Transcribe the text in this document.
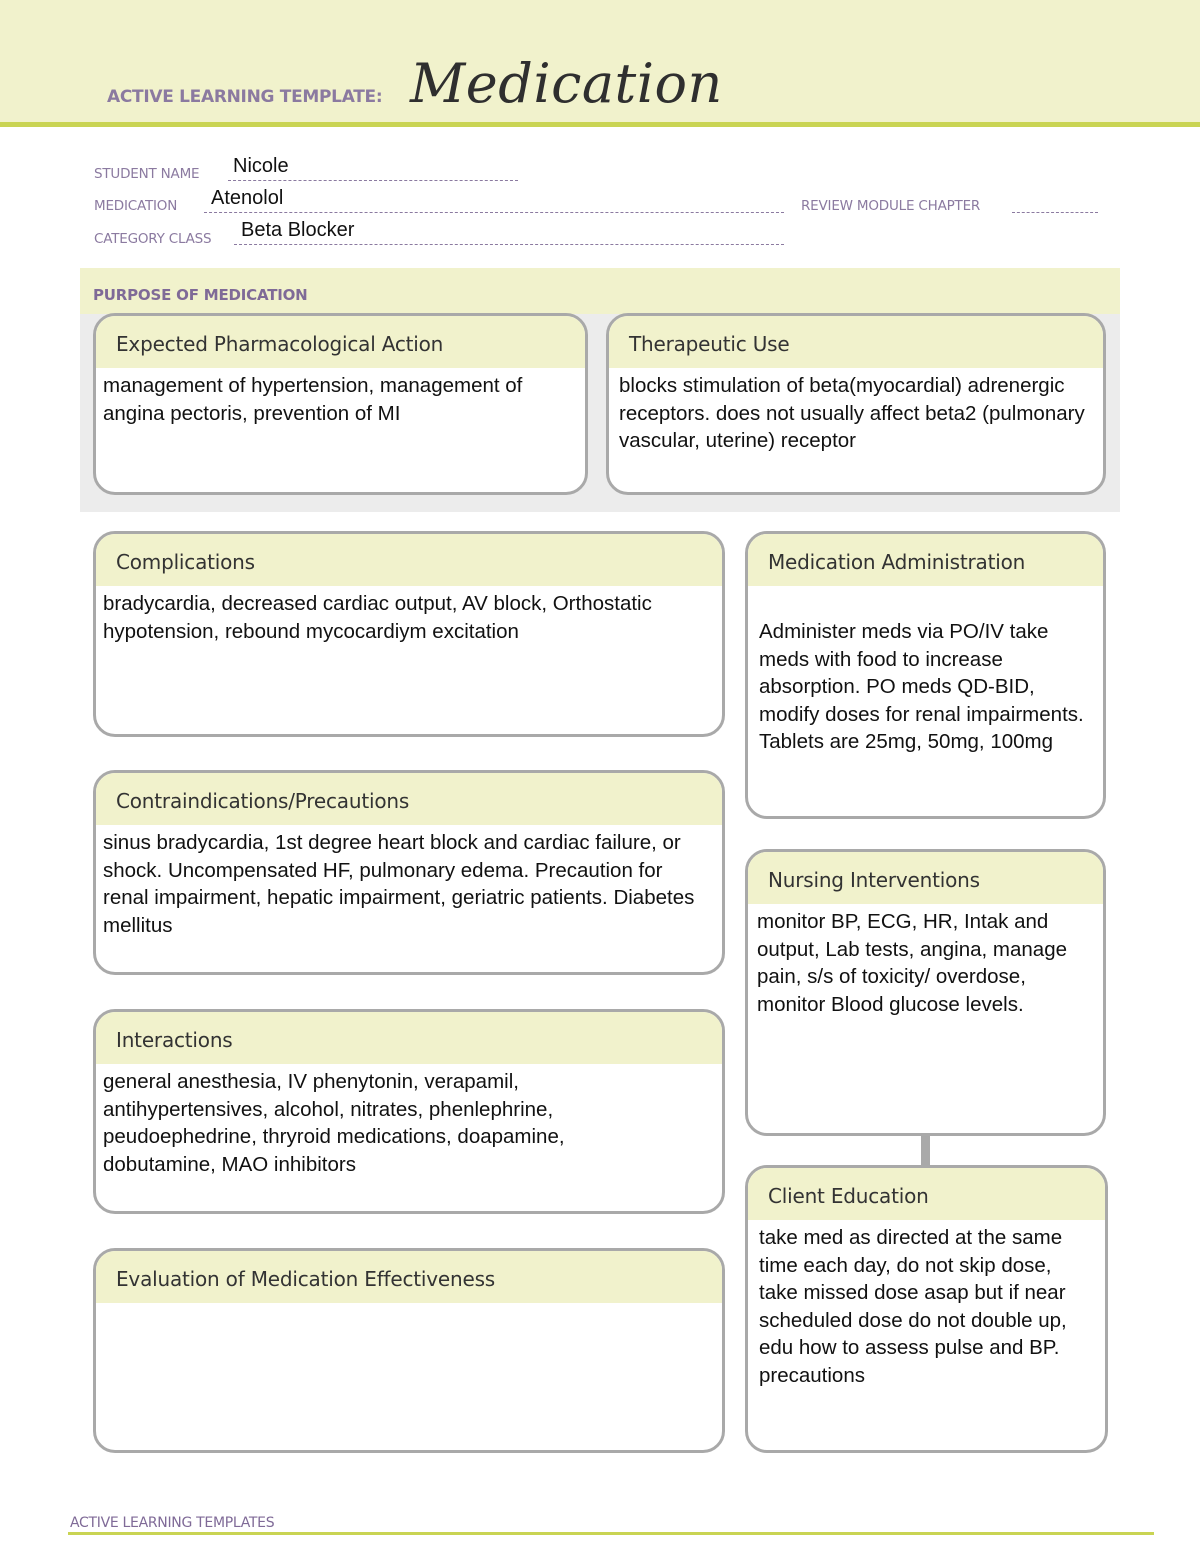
ACTIVE LEARNING TEMPLATE: Medication
STUDENT NAME Nicole
MEDICATION Atenolol	REVIEW MODULE CHAPTER
CATEGORY CLASS Beta Blocker
PURPOSE OF MEDICATION
Expected Pharmacological Action
management of hypertension, management of angina pectoris, prevention of MI
Therapeutic Use
blocks stimulation of beta(myocardial) adrenergic receptors. does not usually affect beta2 (pulmonary vascular, uterine) receptor
Complications
bradycardia, decreased cardiac output, AV block, Orthostatic hypotension, rebound mycocardiym excitation
Contraindications/Precautions
sinus bradycardia, 1st degree heart block and cardiac failure, or shock. Uncompensated HF, pulmonary edema. Precaution for renal impairment, hepatic impairment, geriatric patients. Diabetes mellitus
Interactions
general anesthesia, IV phenytonin, verapamil, antihypertensives, alcohol, nitrates, phenlephrine, peudoephedrine, thryroid medications, doapamine, dobutamine, MAO inhibitors
Evaluation of Medication Effectiveness
Medication Administration
Administer meds via PO/IV take meds with food to increase absorption. PO meds QD-BID, modify doses for renal impairments. Tablets are 25mg, 50mg, 100mg
Nursing Interventions
monitor BP, ECG, HR, Intak and output, Lab tests, angina, manage pain, s/s of toxicity/ overdose, monitor Blood glucose levels.
Client Education
take med as directed at the same time each day, do not skip dose, take missed dose asap but if near scheduled dose do not double up, edu how to assess pulse and BP. precautions
ACTIVE LEARNING TEMPLATES
